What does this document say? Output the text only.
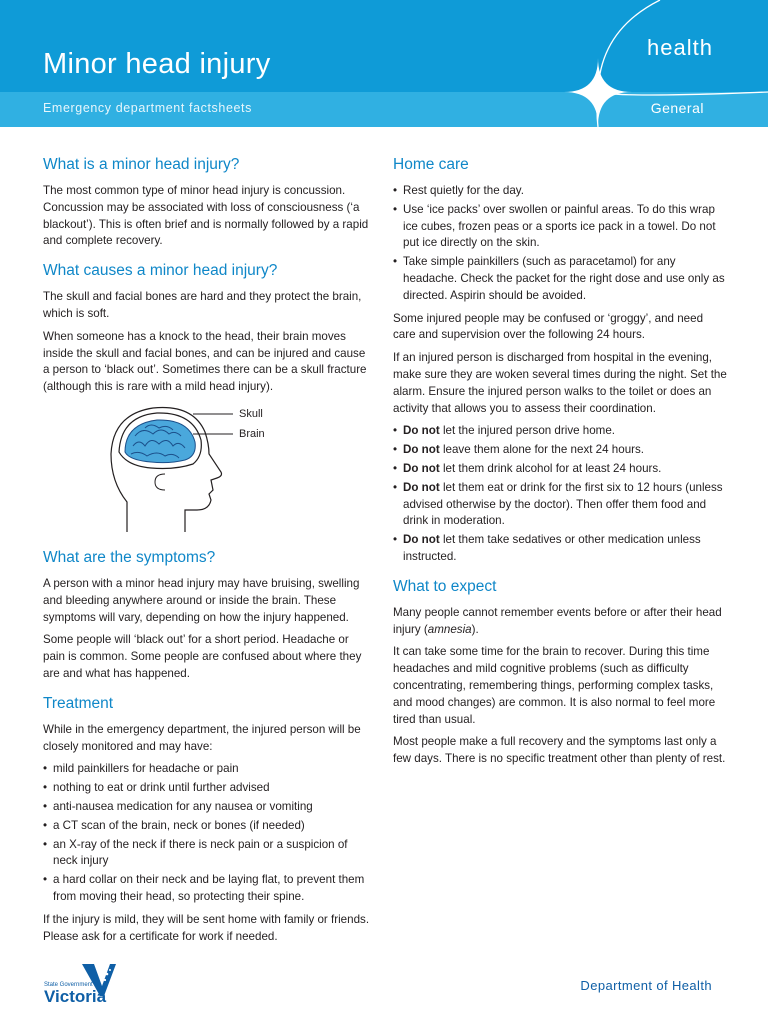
Minor head injury
health
Emergency department factsheets	General
What is a minor head injury?

The most common type of minor head injury is concussion. Concussion may be associated with loss of consciousness (‘a blackout’). This is often brief and is normally followed by a rapid and complete recovery.

What causes a minor head injury?

The skull and facial bones are hard and they protect the brain, which is soft.

When someone has a knock to the head, their brain moves inside the skull and facial bones, and can be injured and cause a person to ‘black out’. Sometimes there can be a skull fracture (although this is rare with a mild head injury).

Skull
Brain
What are the symptoms?

A person with a minor head injury may have bruising, swelling and bleeding anywhere around or inside the brain. These symptoms will vary, depending on how the injury happened.

Some people will ‘black out’ for a short period. Headache or pain is common. Some people are confused about where they are and what has happened.

Treatment

While in the emergency department, the injured person will be closely monitored and may have:

• mild painkillers for headache or pain
• nothing to eat or drink until further advised
• anti-nausea medication for any nausea or vomiting
• a CT scan of the brain, neck or bones (if needed)
• an X-ray of the neck if there is neck pain or a suspicion of neck injury
• a hard collar on their neck and be laying flat, to prevent them from moving their head, so protecting their spine.

If the injury is mild, they will be sent home with family or friends. Please ask for a certificate for work if needed.

Home care
• Rest quietly for the day.
• Use ‘ice packs’ over swollen or painful areas. To do this wrap ice cubes, frozen peas or a sports ice pack in a towel. Do not put ice directly on the skin.
• Take simple painkillers (such as paracetamol) for any headache. Check the packet for the right dose and use only as directed. Aspirin should be avoided.

Some injured people may be confused or ‘groggy’, and need care and supervision over the following 24 hours.

If an injured person is discharged from hospital in the evening, make sure they are woken several times during the night. Set the alarm. Ensure the injured person walks to the toilet or does an activity that allows you to assess their coordination.

• Do not let the injured person drive home.
• Do not leave them alone for the next 24 hours.
• Do not let them drink alcohol for at least 24 hours.
• Do not let them eat or drink for the first six to 12 hours (unless advised otherwise by the doctor). Then offer them food and drink in moderation.
• Do not let them take sedatives or other medication unless instructed.
What to expect

Many people cannot remember events before or after their head injury (amnesia).

It can take some time for the brain to recover. During this time headaches and mild cognitive problems (such as difficulty concentrating, remembering things, performing complex tasks, and mood changes) are common. It is also normal to feel more tired than usual.

Most people make a full recovery and the symptoms last only a few days. There is no specific treatment other than plenty of rest.

State Government
Victoria
Department of Health
